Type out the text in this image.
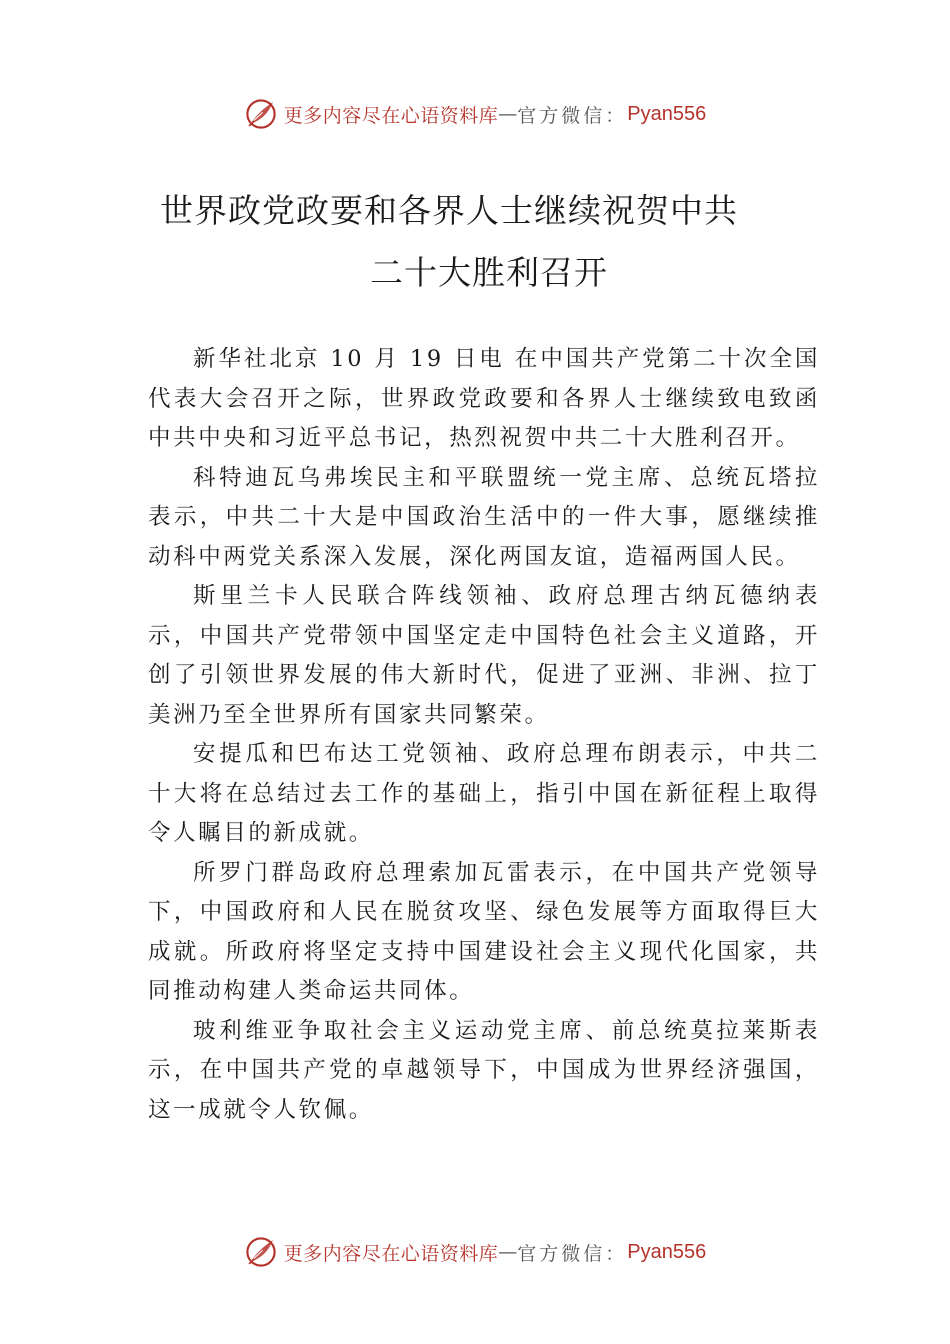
更多内容尽在心语资料库 — 官方微信： Pyan556
世界政党政要和各界人士继续祝贺中共
二十大胜利召开

新华社北京 10 月 19 日电 在中国共产党第二十次全国代表大会召开之际，世界政党政要和各界人士继续致电致函中共中央和习近平总书记，热烈祝贺中共二十大胜利召开。

科特迪瓦乌弗埃民主和平联盟统一党主席、总统瓦塔拉表示，中共二十大是中国政治生活中的一件大事，愿继续推动科中两党关系深入发展，深化两国友谊，造福两国人民。

斯里兰卡人民联合阵线领袖、政府总理古纳瓦德纳表示，中国共产党带领中国坚定走中国特色社会主义道路，开创了引领世界发展的伟大新时代，促进了亚洲、非洲、拉丁美洲乃至全世界所有国家共同繁荣。

安提瓜和巴布达工党领袖、政府总理布朗表示，中共二十大将在总结过去工作的基础上，指引中国在新征程上取得令人瞩目的新成就。

所罗门群岛政府总理索加瓦雷表示，在中国共产党领导下，中国政府和人民在脱贫攻坚、绿色发展等方面取得巨大成就。所政府将坚定支持中国建设社会主义现代化国家，共同推动构建人类命运共同体。

玻利维亚争取社会主义运动党主席、前总统莫拉莱斯表示，在中国共产党的卓越领导下，中国成为世界经济强国， 这一成就令人钦佩。

更多内容尽在心语资料库 — 官方微信： Pyan556
